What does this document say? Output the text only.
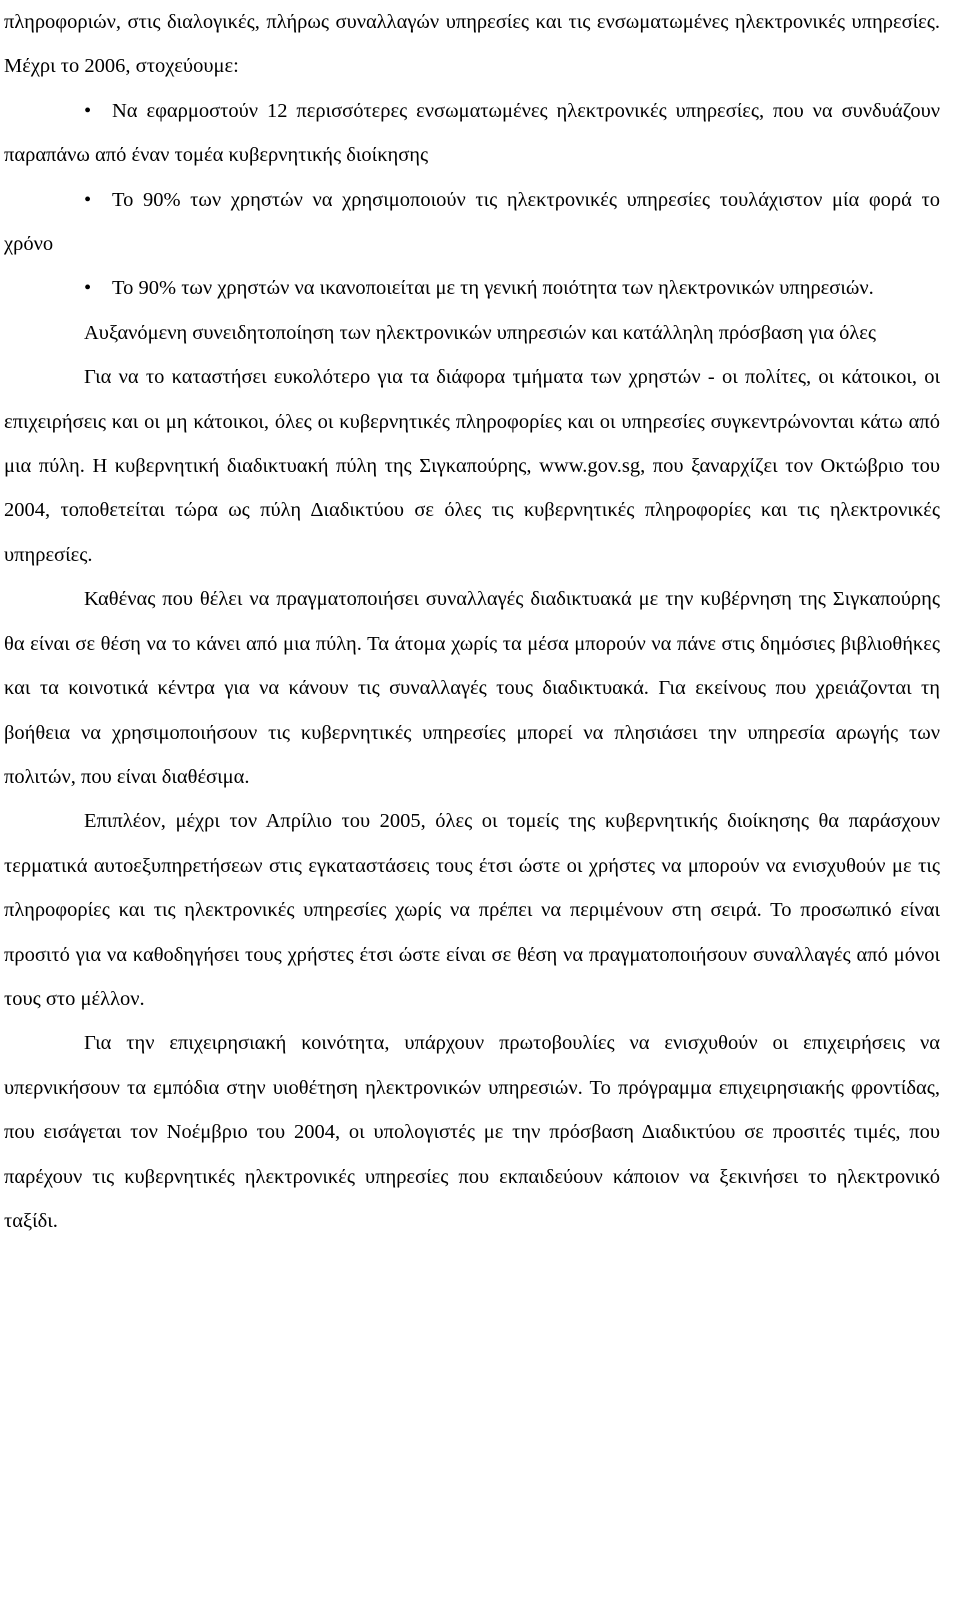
πληροφοριών, στις διαλογικές, πλήρως συναλλαγών υπηρεσίες και τις ενσωματωμένες ηλεκτρονικές υπηρεσίες. Μέχρι το 2006, στοχεύουμε:

• Να εφαρμοστούν 12 περισσότερες ενσωματωμένες ηλεκτρονικές υπηρεσίες, που να συνδυάζουν παραπάνω από έναν τομέα κυβερνητικής διοίκησης

• Το 90% των χρηστών να χρησιμοποιούν τις ηλεκτρονικές υπηρεσίες τουλάχιστον μία φορά το χρόνο

• Το 90% των χρηστών να ικανοποιείται με τη γενική ποιότητα των ηλεκτρονικών υπηρεσιών.

Αυξανόμενη συνειδητοποίηση των ηλεκτρονικών υπηρεσιών και κατάλληλη πρόσβαση για όλες

Για να το καταστήσει ευκολότερο για τα διάφορα τμήματα των χρηστών - οι πολίτες, οι κάτοικοι, οι επιχειρήσεις και οι μη κάτοικοι, όλες οι κυβερνητικές πληροφορίες και οι υπηρεσίες συγκεντρώνονται κάτω από μια πύλη. Η κυβερνητική διαδικτυακή πύλη της Σιγκαπούρης, www.gov.sg, που ξαναρχίζει τον Οκτώβριο του 2004, τοποθετείται τώρα ως πύλη Διαδικτύου σε όλες τις κυβερνητικές πληροφορίες και τις ηλεκτρονικές υπηρεσίες.

Καθένας που θέλει να πραγματοποιήσει συναλλαγές διαδικτυακά με την κυβέρνηση της Σιγκαπούρης θα είναι σε θέση να το κάνει από μια πύλη. Τα άτομα χωρίς τα μέσα μπορούν να πάνε στις δημόσιες βιβλιοθήκες και τα κοινοτικά κέντρα για να κάνουν τις συναλλαγές τους διαδικτυακά. Για εκείνους που χρειάζονται τη βοήθεια να χρησιμοποιήσουν τις κυβερνητικές υπηρεσίες μπορεί να πλησιάσει την υπηρεσία αρωγής των πολιτών, που είναι διαθέσιμα.

Επιπλέον, μέχρι τον Απρίλιο του 2005, όλες οι τομείς της κυβερνητικής διοίκησης θα παράσχουν τερματικά αυτοεξυπηρετήσεων στις εγκαταστάσεις τους έτσι ώστε οι χρήστες να μπορούν να ενισχυθούν με τις πληροφορίες και τις ηλεκτρονικές υπηρεσίες χωρίς να πρέπει να περιμένουν στη σειρά. Το προσωπικό είναι προσιτό για να καθοδηγήσει τους χρήστες έτσι ώστε είναι σε θέση να πραγματοποιήσουν συναλλαγές από μόνοι τους στο μέλλον.

Για την επιχειρησιακή κοινότητα, υπάρχουν πρωτοβουλίες να ενισχυθούν οι επιχειρήσεις να υπερνικήσουν τα εμπόδια στην υιοθέτηση ηλεκτρονικών υπηρεσιών. Το πρόγραμμα επιχειρησιακής φροντίδας, που εισάγεται τον Νοέμβριο του 2004, οι υπολογιστές με την πρόσβαση Διαδικτύου σε προσιτές τιμές, που παρέχουν τις κυβερνητικές ηλεκτρονικές υπηρεσίες που εκπαιδεύουν κάποιον να ξεκινήσει το ηλεκτρονικό ταξίδι.
